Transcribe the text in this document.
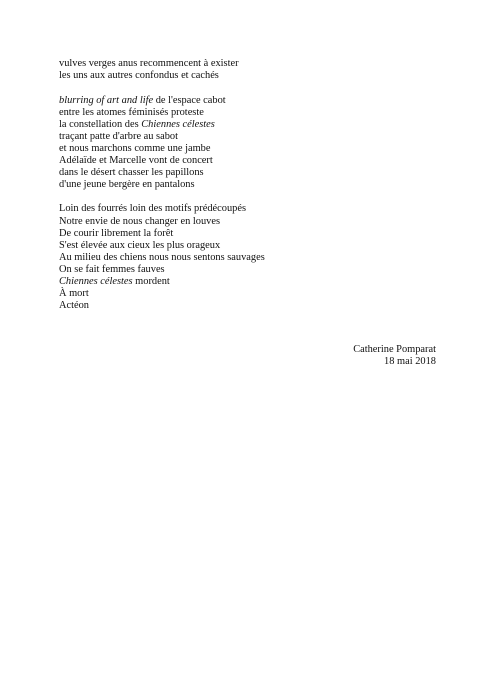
vulves verges anus recommencent à exister
les uns aux autres confondus et cachés
blurring of art and life de l'espace cabot
entre les atomes féminisés proteste
la constellation des Chiennes célestes
traçant patte d'arbre au sabot
et nous marchons comme une jambe
Adélaïde et Marcelle vont de concert
dans le désert chasser les papillons
d'une jeune bergère en pantalons
Loin des fourrés loin des motifs prédécoupés
Notre envie de nous changer en louves
De courir librement la forêt
S'est élevée aux cieux les plus orageux
Au milieu des chiens nous nous sentons sauvages
On se fait femmes fauves
Chiennes célestes mordent
À mort
Actéon
Catherine Pomparat
18 mai 2018
